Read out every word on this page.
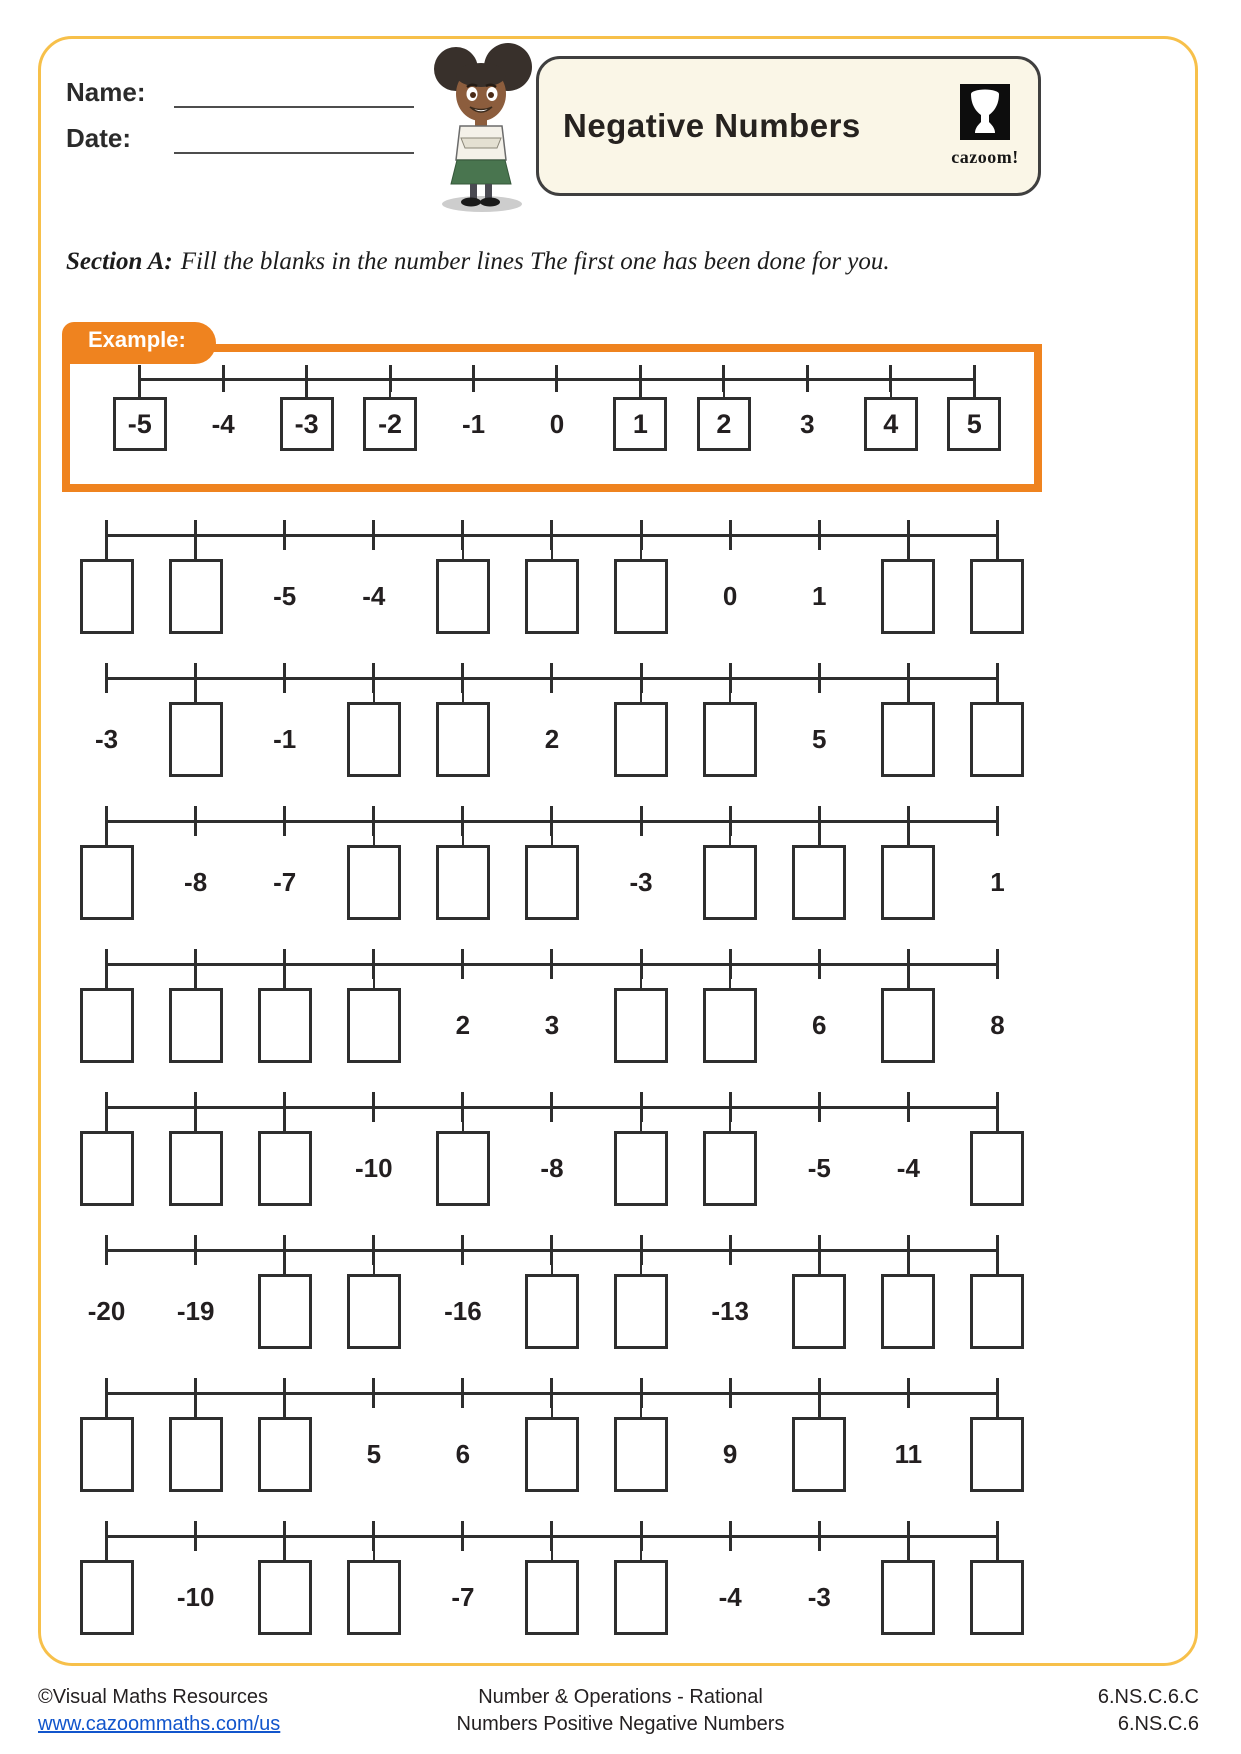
Name:
Date:	Negative Numbers
cazoom!
Section A: Fill the blanks in the number lines The first one has been done for you.
Example:
-5	-4	-3	-2	-1 0	1	2	3	4	5
-5	-4	0	1
-3	-1	2	5
-8	-7	-3	1
2	3	6	8
-10	-8	-5	-4
-20 -19	-16	-13
5	6	9	11
-10	-7	-4	-3
©Visual Maths Resources
www.cazoommaths.com/us
Number & Operations - Rational
Numbers Positive Negative Numbers
6.NS.C.6.C
6.NS.C.6
